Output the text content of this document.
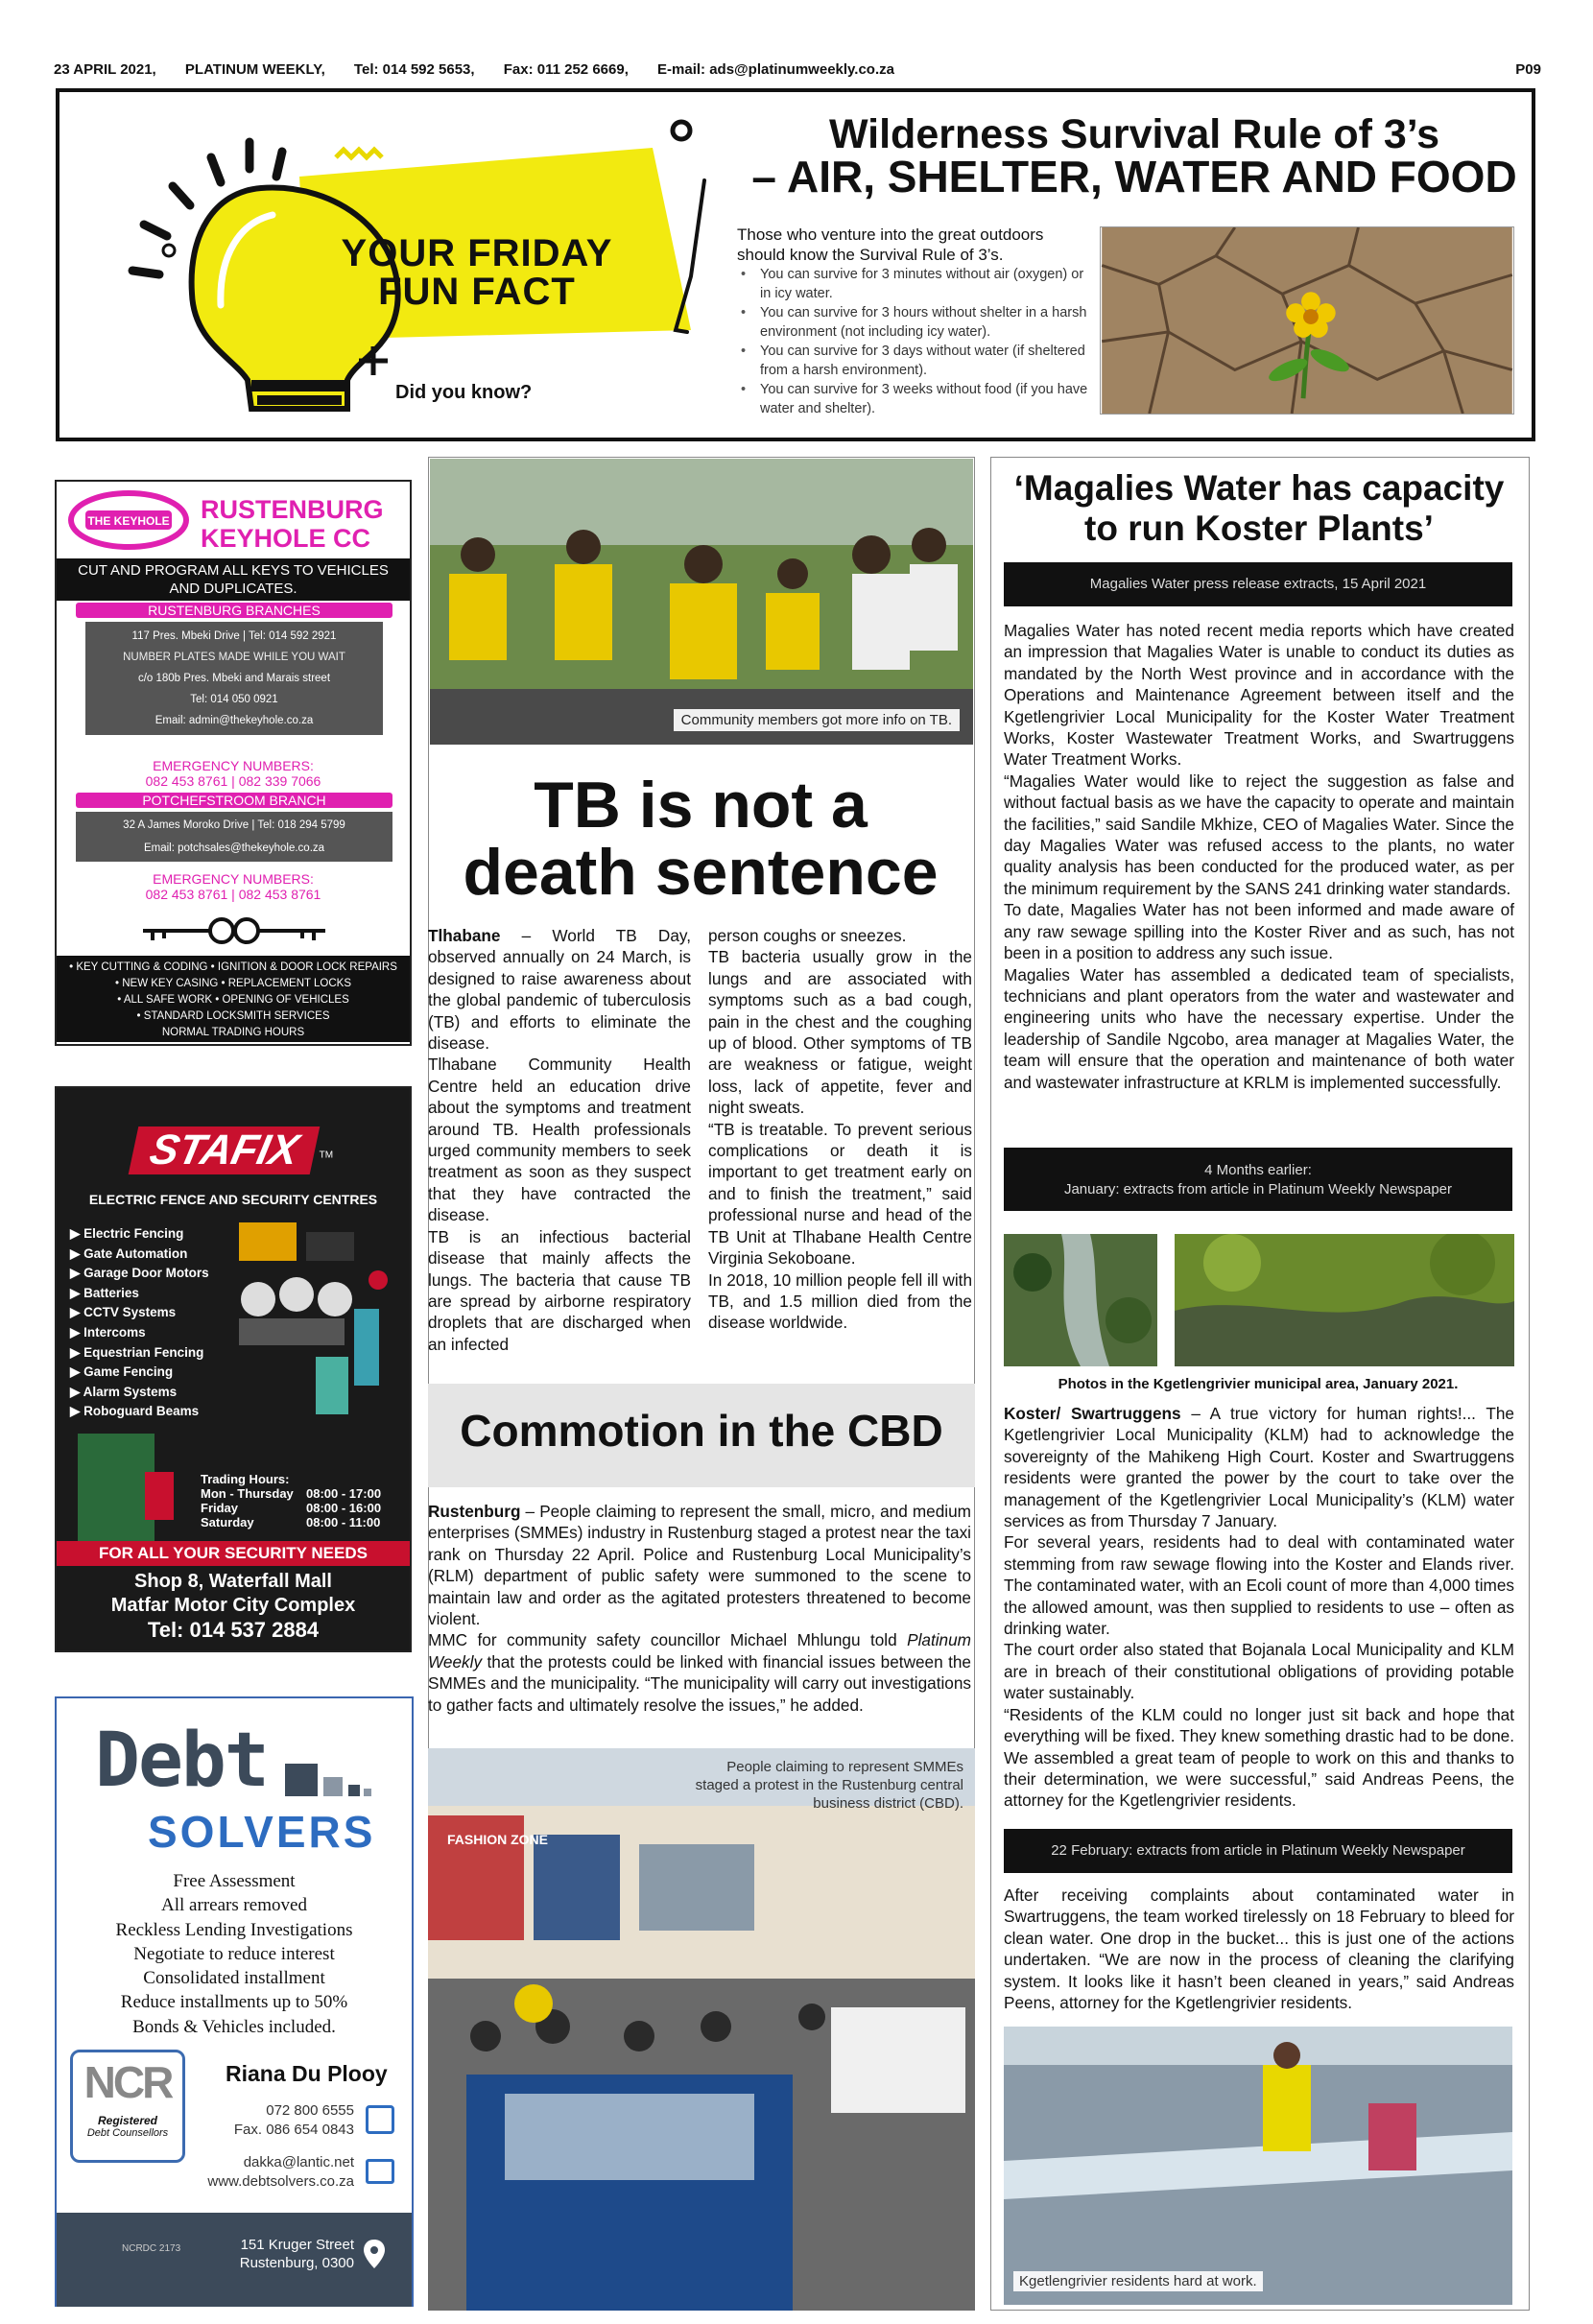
23 APRIL 2021, PLATINUM WEEKLY, Tel: 014 592 5653, Fax: 011 252 6669, E-mail: ads@platinumweekly.co.za	P09
YOUR FRIDAY
FUN FACT
Did you know?
Wilderness Survival Rule of 3’s
– AIR, SHELTER, WATER AND FOOD
Those who venture into the great outdoors should know the Survival Rule of 3’s.
• You can survive for 3 minutes without air (oxygen) or in icy water.
• You can survive for 3 hours without shelter in a harsh environment (not including icy water).
• You can survive for 3 days without water (if sheltered from a harsh environment).
• You can survive for 3 weeks without food (if you have water and shelter).
THE KEYHOLE RUSTENBURG
KEYHOLE CC
CUT AND PROGRAM ALL KEYS TO VEHICLES AND DUPLICATES.
RUSTENBURG BRANCHES
117 Pres. Mbeki Drive | Tel: 014 592 2921
NUMBER PLATES MADE WHILE YOU WAIT
c/o 180b Pres. Mbeki and Marais street
Tel: 014 050 0921
Email: admin@thekeyhole.co.za
EMERGENCY NUMBERS:
082 453 8761 | 082 339 7066
POTCHEFSTROOM BRANCH
32 A James Moroko Drive | Tel: 018 294 5799
Email: potchsales@thekeyhole.co.za
EMERGENCY NUMBERS:
082 453 8761 | 082 453 8761
• KEY CUTTING & CODING • IGNITION & DOOR LOCK REPAIRS
• NEW KEY CASING • REPLACEMENT LOCKS
• ALL SAFE WORK • OPENING OF VEHICLES
• STANDARD LOCKSMITH SERVICES
NORMAL TRADING HOURS
STAFIX ™
ELECTRIC FENCE AND SECURITY CENTRES
▶ Electric Fencing
▶ Gate Automation
▶ Garage Door Motors
▶ Batteries
▶ CCTV Systems
▶ Intercoms
▶ Equestrian Fencing
▶ Game Fencing
▶ Alarm Systems
▶ Roboguard Beams
Trading Hours:
Mon - Thursday	08:00 - 17:00
Friday	08:00 - 16:00
Saturday	08:00 - 11:00
FOR ALL YOUR SECURITY NEEDS
Shop 8, Waterfall Mall
Matfar Motor City Complex
Tel: 014 537 2884
Debt
SOLVERS
Free Assessment
All arrears removed
Reckless Lending Investigations
Negotiate to reduce interest
Consolidated installment
Reduce installments up to 50%
Bonds & Vehicles included.
NCR
Registered
Debt Counsellors
Riana Du Plooy
072 800 6555
Fax. 086 654 0843
dakka@lantic.net
www.debtsolvers.co.za
NCRDC 2173	151 Kruger Street
Rustenburg, 0300
Community members got more info on TB.
TB is not a
death sentence

Tlhabane – World TB Day, observed annually on 24 March, is designed to raise awareness about the global pandemic of tuberculosis (TB) and efforts to eliminate the disease.

Tlhabane Community Health Centre held an education drive about the symptoms and treatment around TB. Health professionals urged community members to seek treatment as soon as they suspect that they have contracted the disease.

TB is an infectious bacterial disease that mainly affects the lungs. The bacteria that cause TB are spread by airborne respiratory droplets that are discharged when an infected

person coughs or sneezes.

TB bacteria usually grow in the lungs and are associated with symptoms such as a bad cough, pain in the chest and the coughing up of blood. Other symptoms of TB are weakness or fatigue, weight loss, lack of appetite, fever and night sweats.

“TB is treatable. To prevent serious complications or death it is important to get treatment early on and to finish the treatment,” said professional nurse and head of the TB Unit at Tlhabane Health Centre Virginia Sekoboane.

In 2018, 10 million people fell ill with TB, and 1.5 million died from the disease worldwide.

Commotion in the CBD

Rustenburg – People claiming to represent the small, micro, and medium enterprises (SMMEs) industry in Rustenburg staged a protest near the taxi rank on Thursday 22 April. Police and Rustenburg Local Municipality’s (RLM) department of public safety were summoned to the scene to maintain law and order as the agitated protesters threatened to become violent.

MMC for community safety councillor Michael Mhlungu told Platinum Weekly that the protests could be linked with financial issues between the SMMEs and the municipality. “The municipality will carry out investigations to gather facts and ultimately resolve the issues,” he added.

FASHION ZONE
People claiming to represent SMMEs staged a protest in the Rustenburg central business district (CBD).
‘Magalies Water has capacity
to run Koster Plants’
Magalies Water press release extracts, 15 April 2021

Magalies Water has noted recent media reports which have created an impression that Magalies Water is unable to conduct its duties as mandated by the North West province and in accordance with the Operations and Maintenance Agreement between itself and the Kgetlengrivier Local Municipality for the Koster Water Treatment Works, Koster Wastewater Treatment Works, and Swartruggens Water Treatment Works.

“Magalies Water would like to reject the suggestion as false and without factual basis as we have the capacity to operate and maintain the facilities,” said Sandile Mkhize, CEO of Magalies Water. Since the day Magalies Water was refused access to the plants, no water quality analysis has been conducted for the produced water, as per the minimum requirement by the SANS 241 drinking water standards.

To date, Magalies Water has not been informed and made aware of any raw sewage spilling into the Koster River and as such, has not been in a position to address any such issue.

Magalies Water has assembled a dedicated team of specialists, technicians and plant operators from the water and wastewater and engineering units who have the necessary expertise. Under the leadership of Sandile Ngcobo, area manager at Magalies Water, the team will ensure that the operation and maintenance of both water and wastewater infrastructure at KRLM is implemented successfully.

4 Months earlier:
January: extracts from article in Platinum Weekly Newspaper
Photos in the Kgetlengrivier municipal area, January 2021.

Koster/ Swartruggens – A true victory for human rights!... The Kgetlengrivier Local Municipality (KLM) had to acknowledge the sovereignty of the Mahikeng High Court. Koster and Swartruggens residents were granted the power by the court to take over the management of the Kgetlengrivier Local Municipality’s (KLM) water services as from Thursday 7 January.

For several years, residents had to deal with contaminated water stemming from raw sewage flowing into the Koster and Elands river. The contaminated water, with an Ecoli count of more than 4,000 times the allowed amount, was then supplied to residents to use – often as drinking water.

The court order also stated that Bojanala Local Municipality and KLM are in breach of their constitutional obligations of providing potable water sustainably.

“Residents of the KLM could no longer just sit back and hope that everything will be fixed. They knew something drastic had to be done. We assembled a great team of people to work on this and thanks to their determination, we were successful,” said Andreas Peens, the attorney for the Kgetlengrivier residents.

22 February: extracts from article in Platinum Weekly Newspaper
After receiving complaints about contaminated water in Swartruggens, the team worked tirelessly on 18 February to bleed for clean water. One drop in the bucket... this is just one of the actions undertaken. “We are now in the process of cleaning the clarifying system. It looks like it hasn’t been cleaned in years,” said Andreas Peens, attorney for the Kgetlengrivier residents.
Kgetlengrivier residents hard at work.
